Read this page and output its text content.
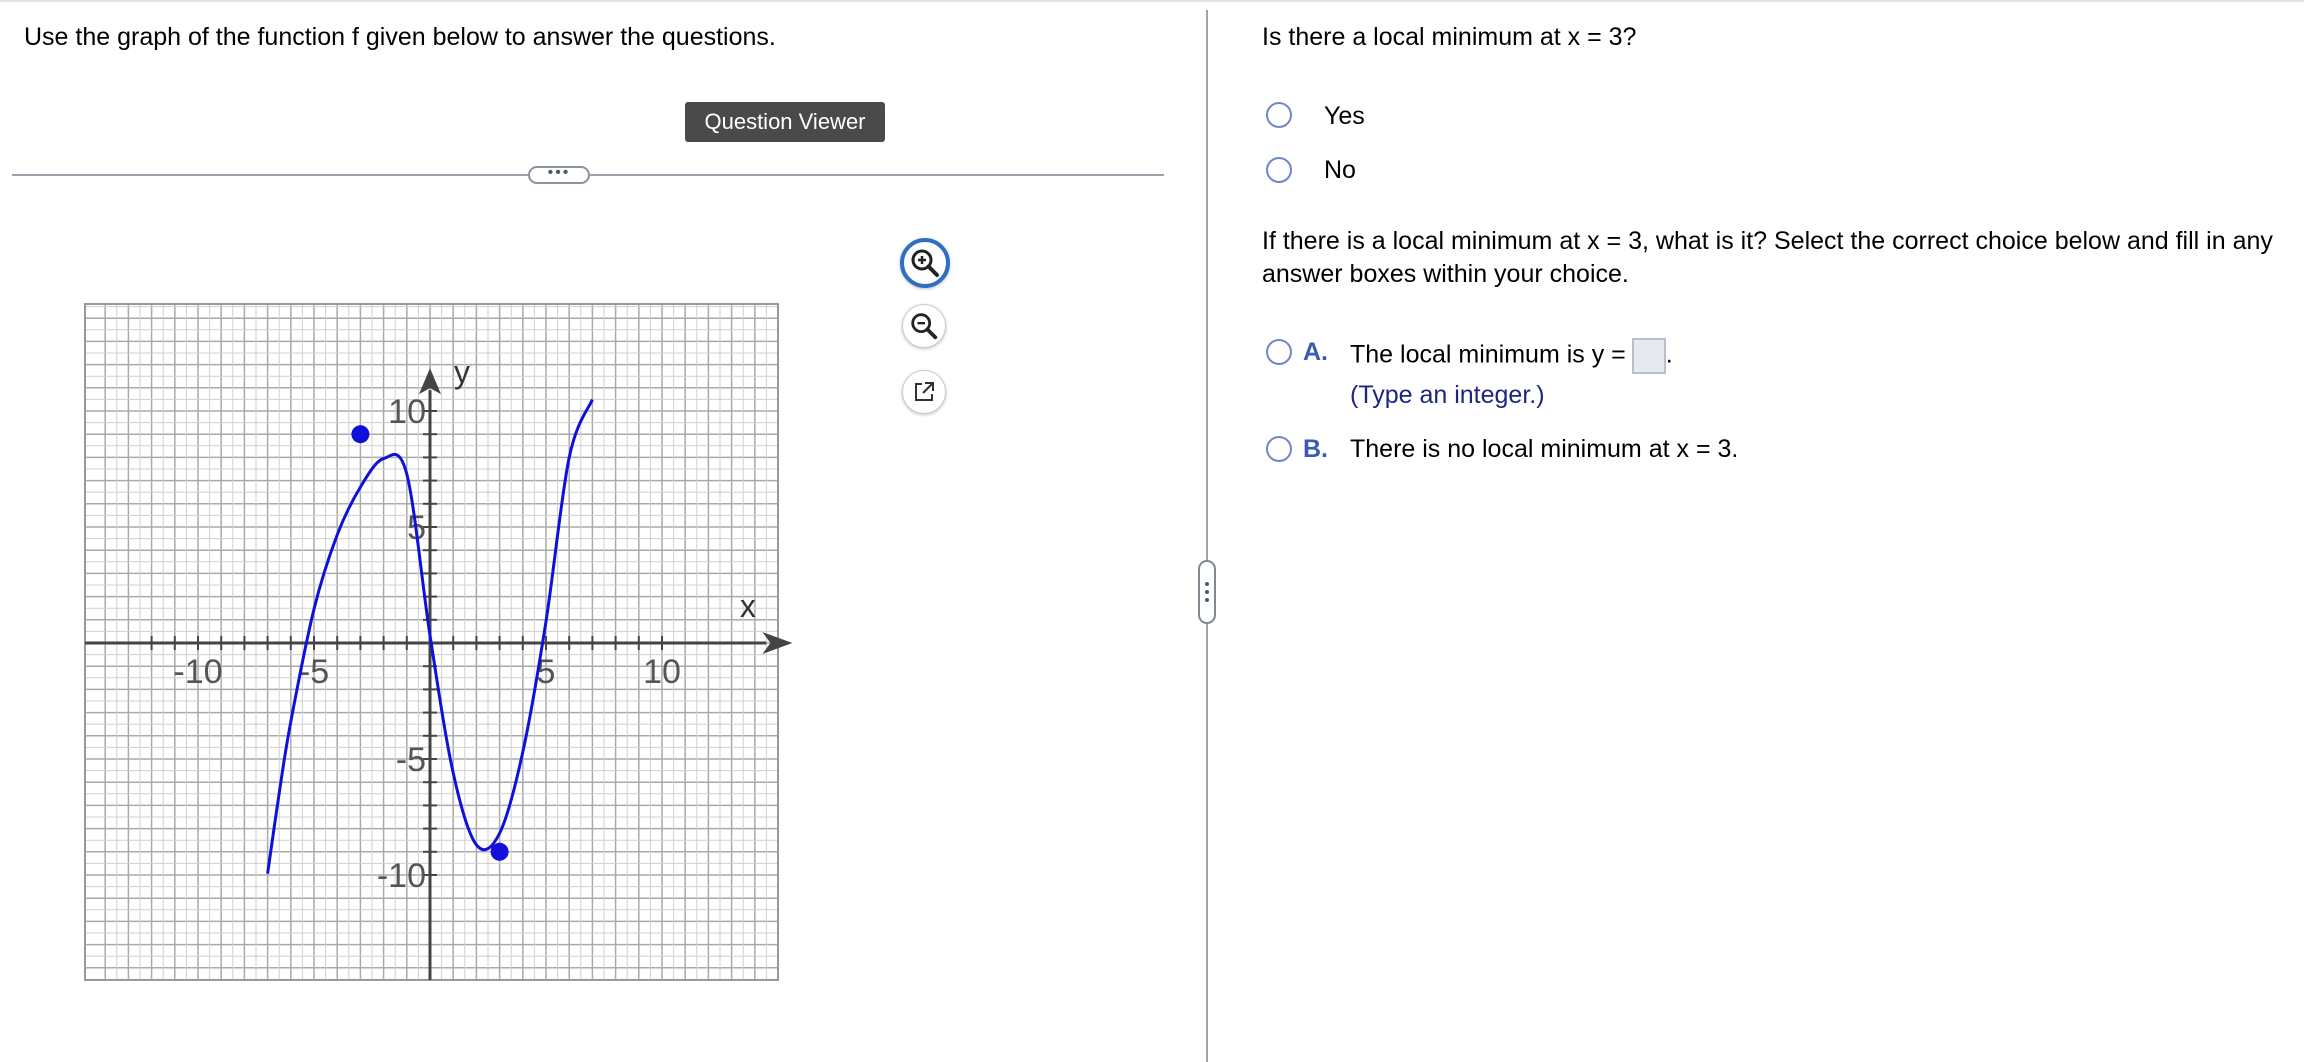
Use the graph of the function f given below to answer the questions.
Question Viewer
•••
-10 -5	5	10
-10
-5
5
10
x
y
Is there a local minimum at x = 3?
Yes
No
If there is a local minimum at x = 3, what is it? Select the correct choice below and fill in any answer boxes within your choice.
A. The local minimum is y = .
(Type an integer.)
B. There is no local minimum at x = 3.
